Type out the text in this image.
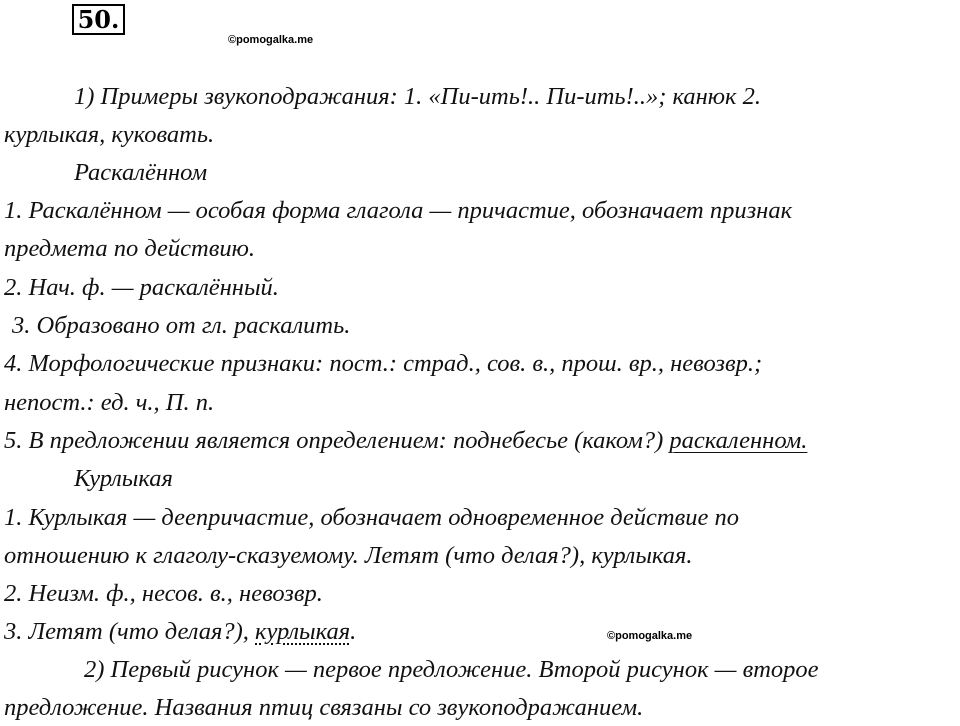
50.
©pomogalka.me
1) Примеры звукоподражания: 1. «Пи-ить!.. Пи-ить!..»; канюк 2.
курлыкая, куковать.
Раскалённом
1. Раскалённом — особая форма глагола — причастие, обозначает признак
предмета по действию.
2. Нач. ф. — раскалённый.
3. Образовано от гл. раскалить.
4. Морфологические признаки: пост.: страд., сов. в., прош. вр., невозвр.;
непост.: ед. ч., П. п.
5. В предложении является определением: поднебесье (каком?) раскаленном.
Курлыкая
1. Курлыкая — деепричастие, обозначает одновременное действие по
отношению к глаголу-сказуемому. Летят (что делая?), курлыкая.
2. Неизм. ф., несов. в., невозвр.
3. Летят (что делая?), курлыкая.	©pomogalka.me
2) Первый рисунок — первое предложение. Второй рисунок — второе
предложение. Названия птиц связаны со звукоподражанием.
